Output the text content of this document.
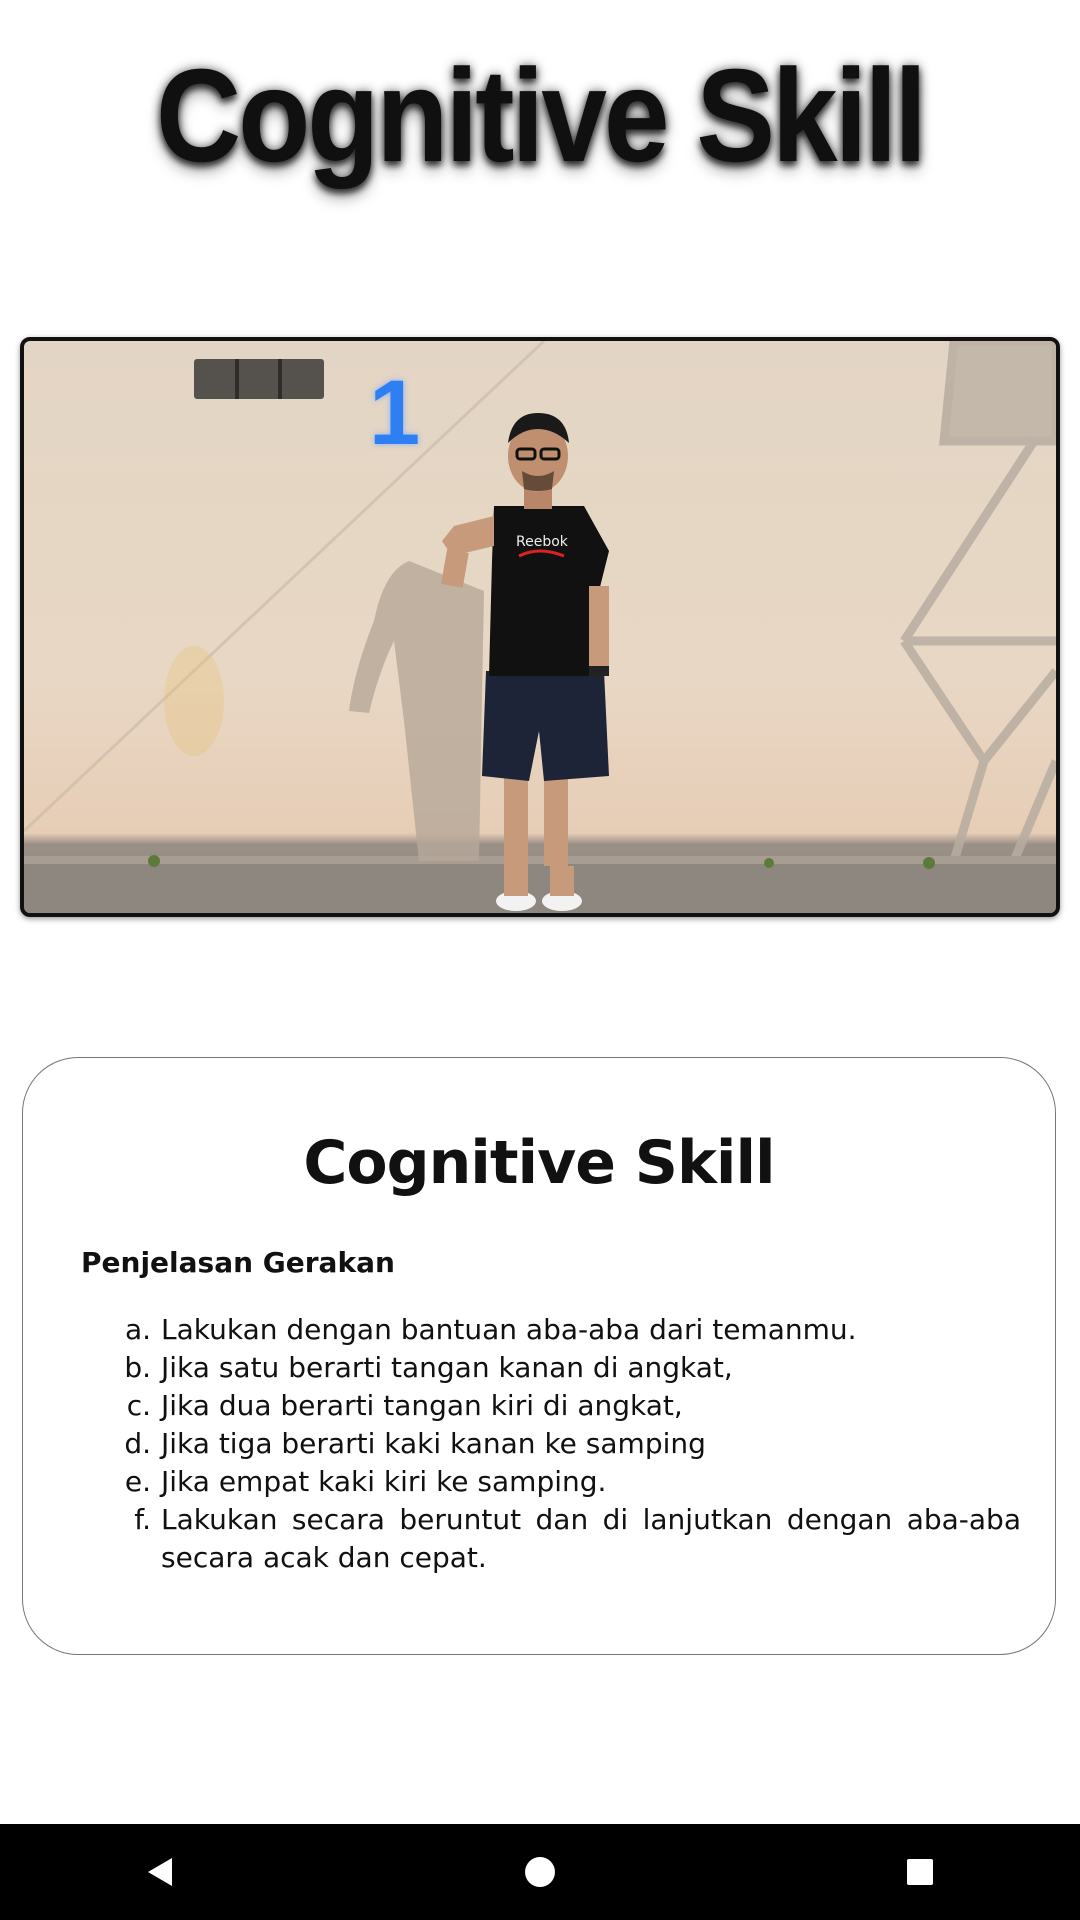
Cognitive Skill
Reebok
1
Cognitive Skill
Penjelasan Gerakan
a. Lakukan dengan bantuan aba-aba dari temanmu.
b. Jika satu berarti tangan kanan di angkat,
c. Jika dua berarti tangan kiri di angkat,
d. Jika tiga berarti kaki kanan ke samping
e. Jika empat kaki kiri ke samping.
f. Lakukan secara beruntut dan di lanjutkan dengan aba-aba secara acak dan cepat.
